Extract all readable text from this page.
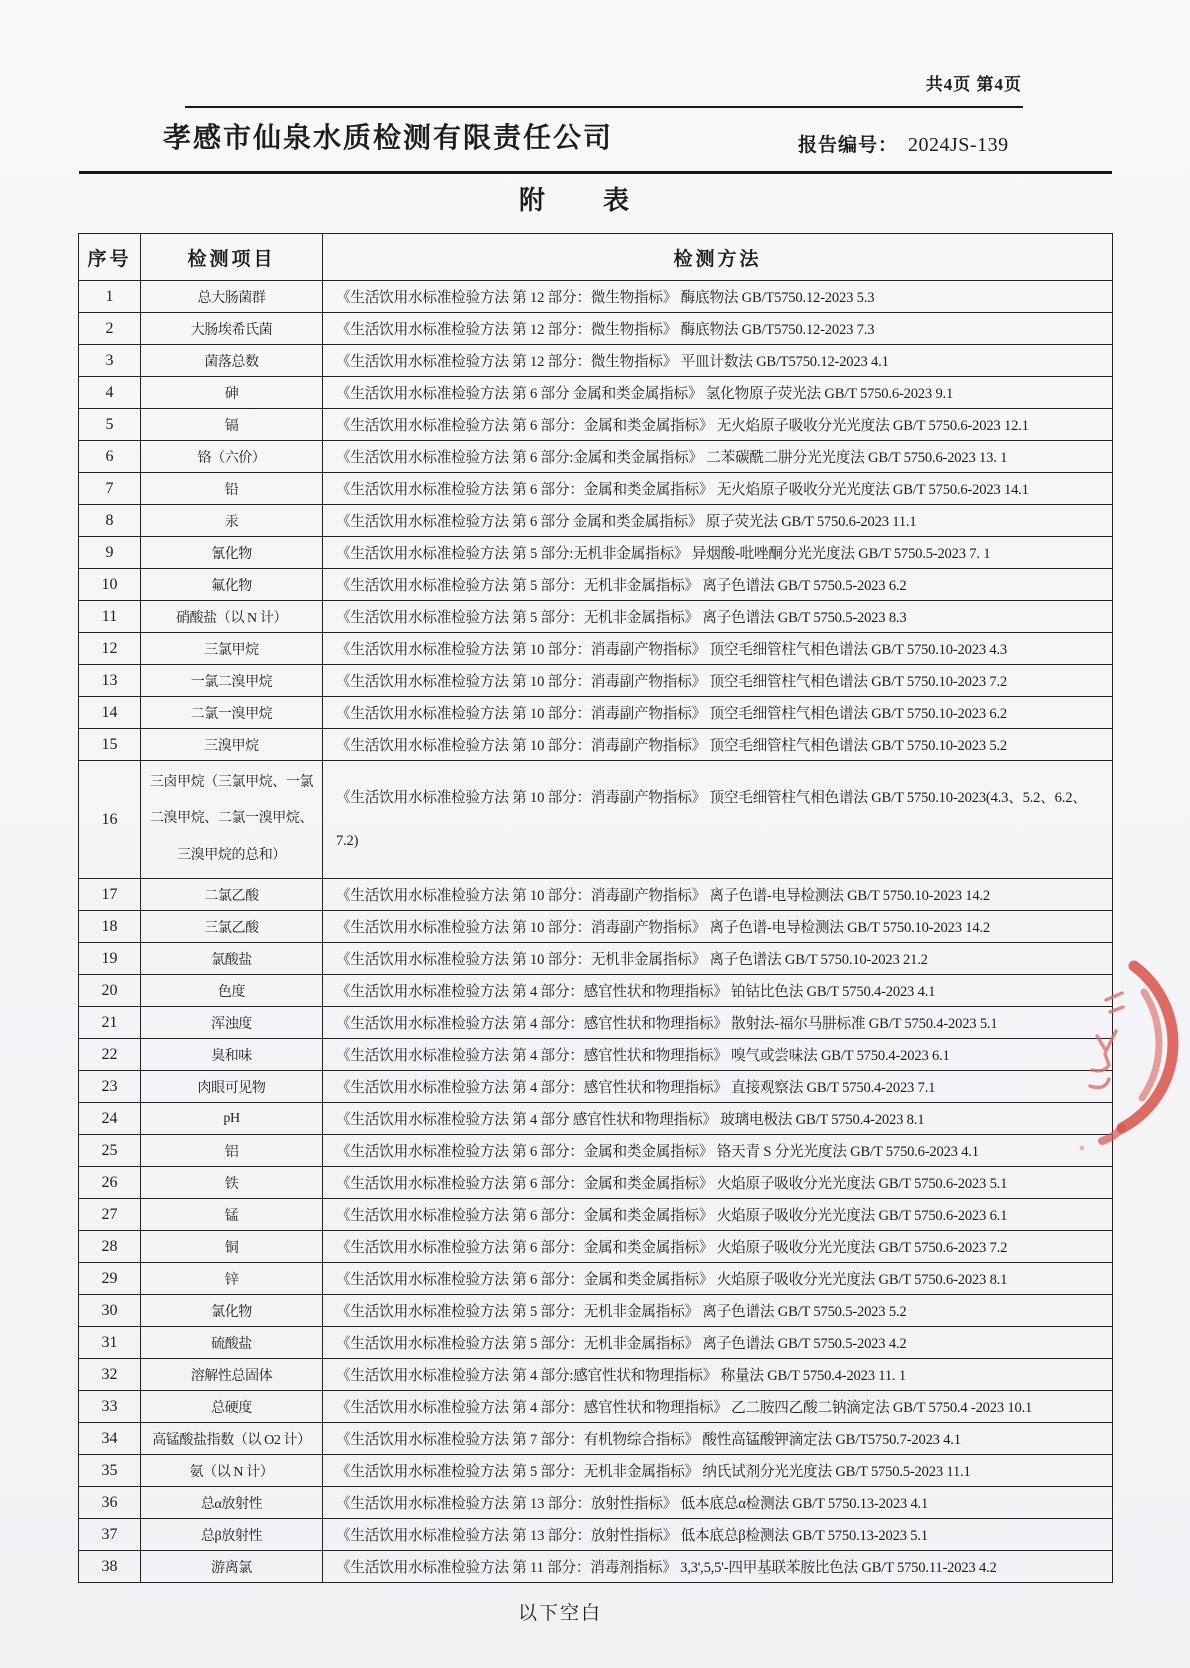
共4页 第4页
孝感市仙泉水质检测有限责任公司	报告编号： 2024JS-139
附　　表
序号	检测项目	检测方法
1	总大肠菌群	《生活饮用水标准检验方法 第 12 部分：微生物指标》 酶底物法 GB/T5750.12-2023 5.3
2	大肠埃希氏菌	《生活饮用水标准检验方法 第 12 部分：微生物指标》 酶底物法 GB/T5750.12-2023 7.3
3	菌落总数	《生活饮用水标准检验方法 第 12 部分：微生物指标》 平皿计数法 GB/T5750.12-2023 4.1
4	砷	《生活饮用水标准检验方法 第 6 部分 金属和类金属指标》 氢化物原子荧光法 GB/T 5750.6-2023 9.1
5	镉	《生活饮用水标准检验方法 第 6 部分：金属和类金属指标》 无火焰原子吸收分光光度法 GB/T 5750.6-2023 12.1
6	铬（六价）	《生活饮用水标准检验方法 第 6 部分:金属和类金属指标》 二苯碳酰二肼分光光度法 GB/T 5750.6-2023 13. 1
7	铅	《生活饮用水标准检验方法 第 6 部分：金属和类金属指标》 无火焰原子吸收分光光度法 GB/T 5750.6-2023 14.1
8	汞	《生活饮用水标准检验方法 第 6 部分 金属和类金属指标》 原子荧光法 GB/T 5750.6-2023 11.1
9	氰化物	《生活饮用水标准检验方法 第 5 部分:无机非金属指标》 异烟酸-吡唑酮分光光度法 GB/T 5750.5-2023 7. 1
10	氟化物	《生活饮用水标准检验方法 第 5 部分：无机非金属指标》 离子色谱法 GB/T 5750.5-2023 6.2
11	硝酸盐（以 N 计）	《生活饮用水标准检验方法 第 5 部分：无机非金属指标》 离子色谱法 GB/T 5750.5-2023 8.3
12	三氯甲烷	《生活饮用水标准检验方法 第 10 部分：消毒副产物指标》 顶空毛细管柱气相色谱法 GB/T 5750.10-2023 4.3
13	一氯二溴甲烷	《生活饮用水标准检验方法 第 10 部分：消毒副产物指标》 顶空毛细管柱气相色谱法 GB/T 5750.10-2023 7.2
14	二氯一溴甲烷	《生活饮用水标准检验方法 第 10 部分：消毒副产物指标》 顶空毛细管柱气相色谱法 GB/T 5750.10-2023 6.2
15	三溴甲烷	《生活饮用水标准检验方法 第 10 部分：消毒副产物指标》 顶空毛细管柱气相色谱法 GB/T 5750.10-2023 5.2
16	三卤甲烷（三氯甲烷、一氯二溴甲烷、二氯一溴甲烷、三溴甲烷的总和）	《生活饮用水标准检验方法 第 10 部分：消毒副产物指标》 顶空毛细管柱气相色谱法 GB/T 5750.10-2023(4.3、5.2、6.2、7.2)
17	二氯乙酸	《生活饮用水标准检验方法 第 10 部分：消毒副产物指标》 离子色谱-电导检测法 GB/T 5750.10-2023 14.2
18	三氯乙酸	《生活饮用水标准检验方法 第 10 部分：消毒副产物指标》 离子色谱-电导检测法 GB/T 5750.10-2023 14.2
19	氯酸盐	《生活饮用水标准检验方法 第 10 部分：无机非金属指标》 离子色谱法 GB/T 5750.10-2023 21.2
20	色度	《生活饮用水标准检验方法 第 4 部分：感官性状和物理指标》 铂钴比色法 GB/T 5750.4-2023 4.1
21	浑浊度	《生活饮用水标准检验方法 第 4 部分：感官性状和物理指标》 散射法-福尔马肼标准 GB/T 5750.4-2023 5.1
22	臭和味	《生活饮用水标准检验方法 第 4 部分：感官性状和物理指标》 嗅气或尝味法 GB/T 5750.4-2023 6.1
23	肉眼可见物	《生活饮用水标准检验方法 第 4 部分：感官性状和物理指标》 直接观察法 GB/T 5750.4-2023 7.1
24	pH	《生活饮用水标准检验方法 第 4 部分 感官性状和物理指标》 玻璃电极法 GB/T 5750.4-2023 8.1
25	铝	《生活饮用水标准检验方法 第 6 部分：金属和类金属指标》 铬天青 S 分光光度法 GB/T 5750.6-2023 4.1
26	铁	《生活饮用水标准检验方法 第 6 部分：金属和类金属指标》 火焰原子吸收分光光度法 GB/T 5750.6-2023 5.1
27	锰	《生活饮用水标准检验方法 第 6 部分：金属和类金属指标》 火焰原子吸收分光光度法 GB/T 5750.6-2023 6.1
28	铜	《生活饮用水标准检验方法 第 6 部分：金属和类金属指标》 火焰原子吸收分光光度法 GB/T 5750.6-2023 7.2
29	锌	《生活饮用水标准检验方法 第 6 部分：金属和类金属指标》 火焰原子吸收分光光度法 GB/T 5750.6-2023 8.1
30	氯化物	《生活饮用水标准检验方法 第 5 部分：无机非金属指标》 离子色谱法 GB/T 5750.5-2023 5.2
31	硫酸盐	《生活饮用水标准检验方法 第 5 部分：无机非金属指标》 离子色谱法 GB/T 5750.5-2023 4.2
32	溶解性总固体	《生活饮用水标准检验方法 第 4 部分:感官性状和物理指标》 称量法 GB/T 5750.4-2023 11. 1
33	总硬度	《生活饮用水标准检验方法 第 4 部分：感官性状和物理指标》 乙二胺四乙酸二钠滴定法 GB/T 5750.4 -2023 10.1
34	高锰酸盐指数（以 O2 计）	《生活饮用水标准检验方法 第 7 部分：有机物综合指标》 酸性高锰酸钾滴定法 GB/T5750.7-2023 4.1
35	氨（以 N 计）	《生活饮用水标准检验方法 第 5 部分：无机非金属指标》 纳氏试剂分光光度法 GB/T 5750.5-2023 11.1
36	总α放射性	《生活饮用水标准检验方法 第 13 部分：放射性指标》 低本底总α检测法 GB/T 5750.13-2023 4.1
37	总β放射性	《生活饮用水标准检验方法 第 13 部分：放射性指标》 低本底总β检测法 GB/T 5750.13-2023 5.1
38	游离氯	《生活饮用水标准检验方法 第 11 部分：消毒剂指标》 3,3',5,5'-四甲基联苯胺比色法 GB/T 5750.11-2023 4.2
以下空白
